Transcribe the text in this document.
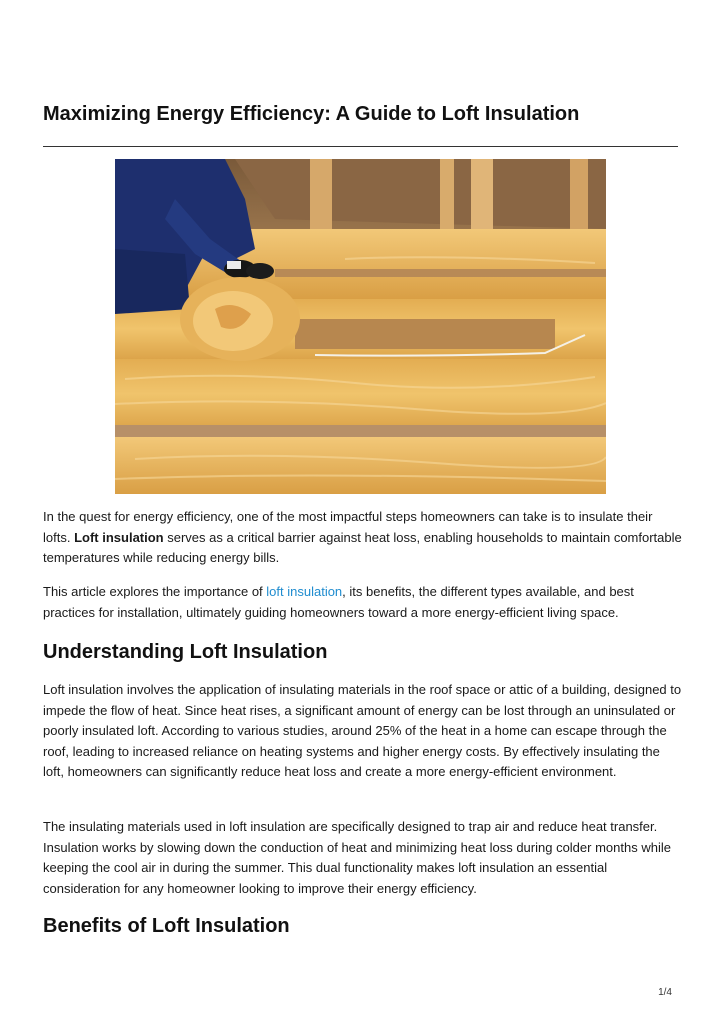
Maximizing Energy Efficiency: A Guide to Loft Insulation

In the quest for energy efficiency, one of the most impactful steps homeowners can take is to insulate their lofts. Loft insulation serves as a critical barrier against heat loss, enabling households to maintain comfortable temperatures while reducing energy bills.

This article explores the importance of loft insulation, its benefits, the different types available, and best practices for installation, ultimately guiding homeowners toward a more energy-efficient living space.

Understanding Loft Insulation

Loft insulation involves the application of insulating materials in the roof space or attic of a building, designed to impede the flow of heat. Since heat rises, a significant amount of energy can be lost through an uninsulated or poorly insulated loft. According to various studies, around 25% of the heat in a home can escape through the roof, leading to increased reliance on heating systems and higher energy costs. By effectively insulating the loft, homeowners can significantly reduce heat loss and create a more energy-efficient environment.

The insulating materials used in loft insulation are specifically designed to trap air and reduce heat transfer. Insulation works by slowing down the conduction of heat and minimizing heat loss during colder months while keeping the cool air in during the summer. This dual functionality makes loft insulation an essential consideration for any homeowner looking to improve their energy efficiency.

Benefits of Loft Insulation
1/4
